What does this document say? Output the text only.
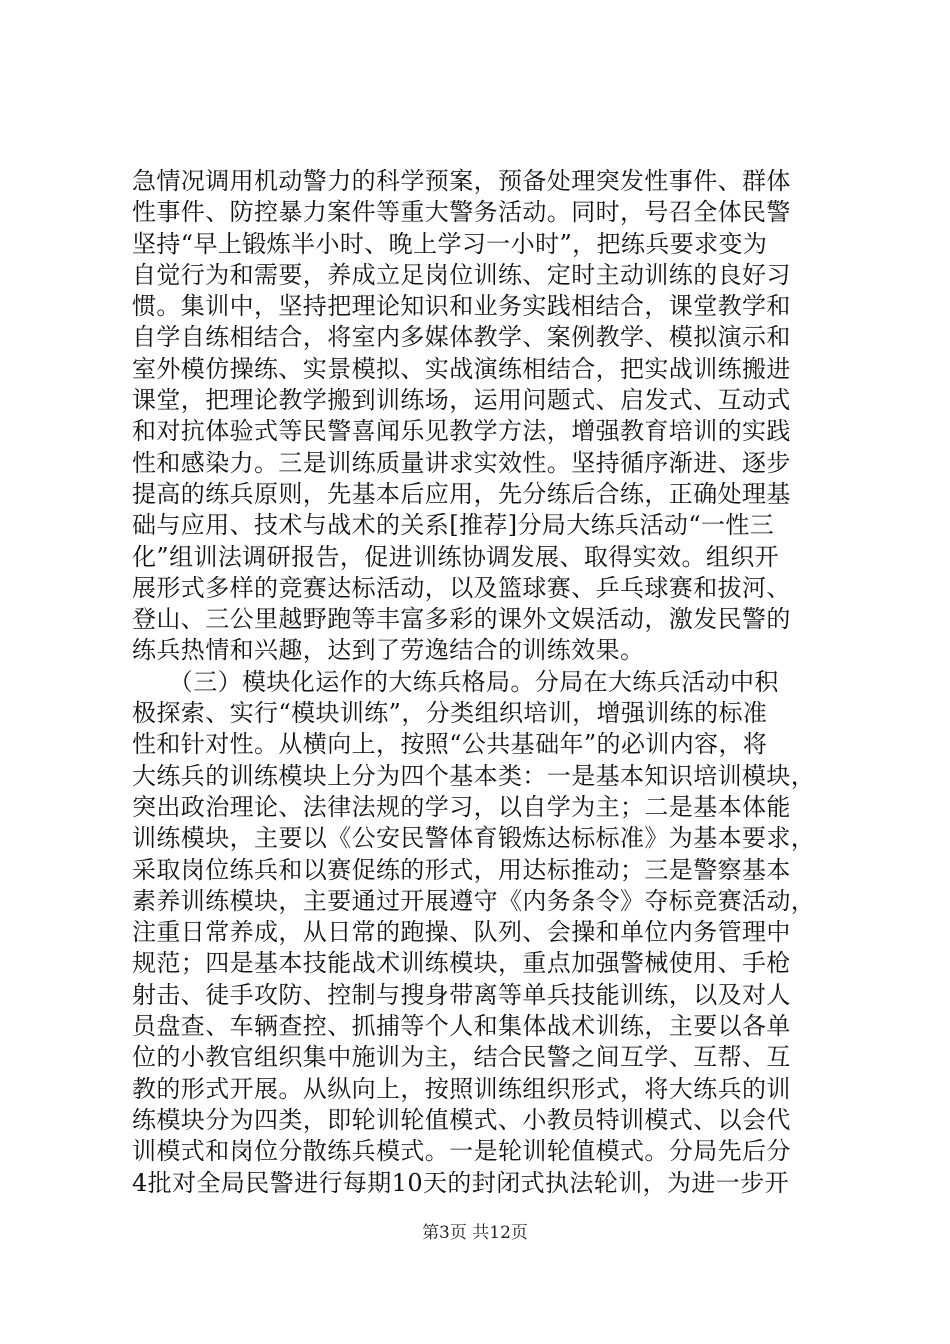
急情况调用机动警力的科学预案，预备处理突发性事件、群体
性事件、防控暴力案件等重大警务活动。同时，号召全体民警
坚持“早上锻炼半小时、晚上学习一小时”，把练兵要求变为
自觉行为和需要，养成立足岗位训练、定时主动训练的良好习
惯。集训中，坚持把理论知识和业务实践相结合，课堂教学和
自学自练相结合，将室内多媒体教学、案例教学、模拟演示和
室外模仿操练、实景模拟、实战演练相结合，把实战训练搬进
课堂，把理论教学搬到训练场，运用问题式、启发式、互动式
和对抗体验式等民警喜闻乐见教学方法，增强教育培训的实践
性和感染力。三是训练质量讲求实效性。坚持循序渐进、逐步
提高的练兵原则，先基本后应用，先分练后合练，正确处理基
础与应用、技术与战术的关系[推荐]分局大练兵活动“一性三
化”组训法调研报告，促进训练协调发展、取得实效。组织开
展形式多样的竞赛达标活动，以及篮球赛、乒乓球赛和拔河、
登山、三公里越野跑等丰富多彩的课外文娱活动，激发民警的
练兵热情和兴趣，达到了劳逸结合的训练效果。
　　（三）模块化运作的大练兵格局。分局在大练兵活动中积
极探索、实行“模块训练”，分类组织培训，增强训练的标准
性和针对性。从横向上，按照“公共基础年”的必训内容，将
大练兵的训练模块上分为四个基本类：一是基本知识培训模块，
突出政治理论、法律法规的学习，以自学为主；二是基本体能
训练模块，主要以《公安民警体育锻炼达标标准》为基本要求，
采取岗位练兵和以赛促练的形式，用达标推动；三是警察基本
素养训练模块，主要通过开展遵守《内务条令》夺标竞赛活动，
注重日常养成，从日常的跑操、队列、会操和单位内务管理中
规范；四是基本技能战术训练模块，重点加强警械使用、手枪
射击、徒手攻防、控制与搜身带离等单兵技能训练，以及对人
员盘查、车辆查控、抓捕等个人和集体战术训练，主要以各单
位的小教官组织集中施训为主，结合民警之间互学、互帮、互
教的形式开展。从纵向上，按照训练组织形式，将大练兵的训
练模块分为四类，即轮训轮值模式、小教员特训模式、以会代
训模式和岗位分散练兵模式。一是轮训轮值模式。分局先后分
4批对全局民警进行每期10天的封闭式执法轮训，为进一步开
第3页 共12页
